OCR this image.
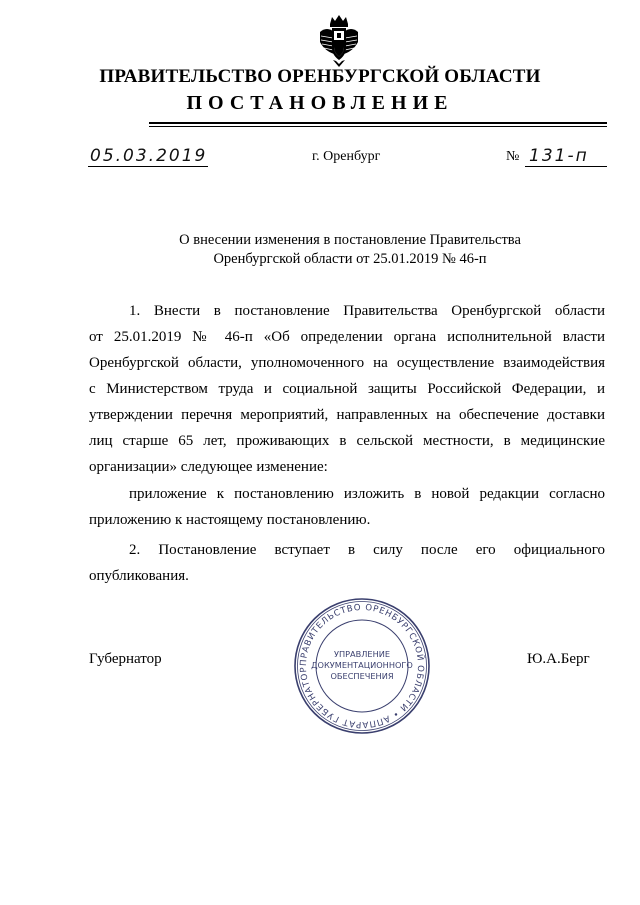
ПРАВИТЕЛЬСТВО ОРЕНБУРГСКОЙ ОБЛАСТИ
ПОСТАНОВЛЕНИЕ
05.03.2019	г. Оренбург	№ 131-п
О внесении изменения в постановление Правительства
Оренбургской области от 25.01.2019 № 46-п
1. Внести в постановление Правительства Оренбургской области
от 25.01.2019 № 46-п «Об определении органа исполнительной власти
Оренбургской области, уполномоченного на осуществление взаимодействия
с Министерством труда и социальной защиты Российской Федерации, и
утверждении перечня мероприятий, направленных на обеспечение доставки
лиц старше 65 лет, проживающих в сельской местности, в медицинские
организации» следующее изменение:
приложение к постановлению изложить в новой редакции согласно
приложению к настоящему постановлению.
2. Постановление вступает в силу после его официального
опубликования.
Губернатор	Ю.А.Берг
ПРАВИТЕЛЬСТВО ОРЕНБУРГСКОЙ ОБЛАСТИ • АППАРАТ ГУБЕРНАТОР
УПРАВЛЕНИЕ
ДОКУМЕНТАЦИОННОГО
ОБЕСПЕЧЕНИЯ
